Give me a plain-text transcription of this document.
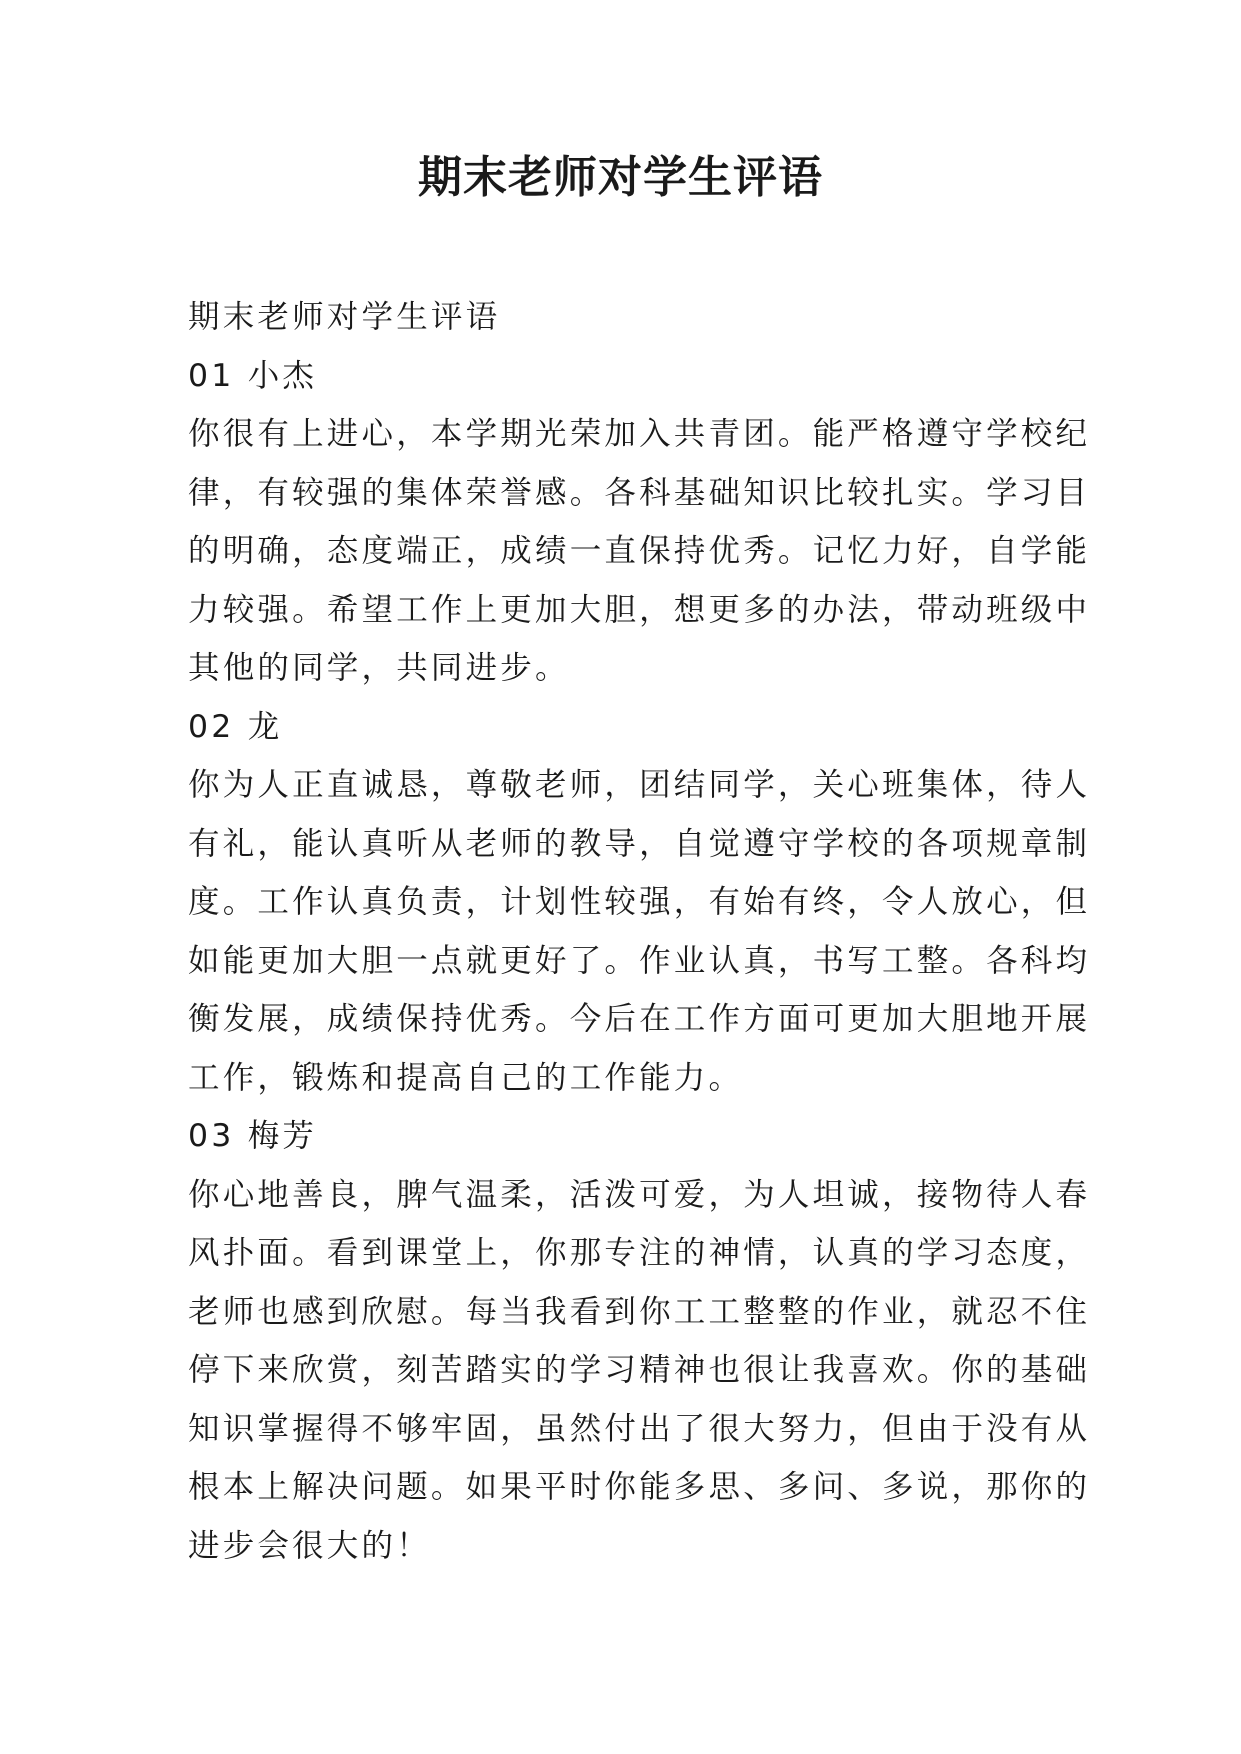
期末老师对学生评语
期末老师对学生评语
01 小杰
你很有上进心，本学期光荣加入共青团。能严格遵守学校纪
律，有较强的集体荣誉感。各科基础知识比较扎实。学习目
的明确，态度端正，成绩一直保持优秀。记忆力好，自学能
力较强。希望工作上更加大胆，想更多的办法，带动班级中
其他的同学，共同进步。
02 龙
你为人正直诚恳，尊敬老师，团结同学，关心班集体，待人
有礼，能认真听从老师的教导，自觉遵守学校的各项规章制
度。工作认真负责，计划性较强，有始有终，令人放心，但
如能更加大胆一点就更好了。作业认真，书写工整。各科均
衡发展，成绩保持优秀。今后在工作方面可更加大胆地开展
工作，锻炼和提高自己的工作能力。
03 梅芳
你心地善良，脾气温柔，活泼可爱，为人坦诚，接物待人春
风扑面。看到课堂上，你那专注的神情，认真的学习态度，
老师也感到欣慰。每当我看到你工工整整的作业，就忍不住
停下来欣赏，刻苦踏实的学习精神也很让我喜欢。你的基础
知识掌握得不够牢固，虽然付出了很大努力，但由于没有从
根本上解决问题。如果平时你能多思、多问、多说，那你的
进步会很大的！
